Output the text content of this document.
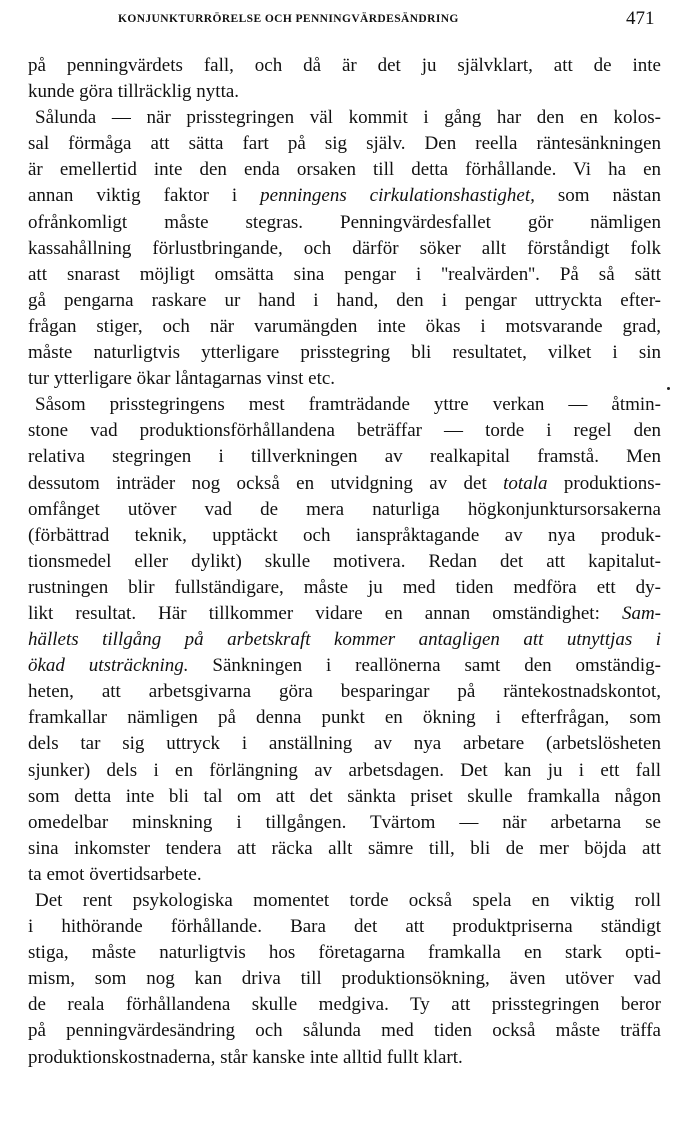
KONJUNKTURRÖRELSE OCH PENNINGVÄRDESÄNDRING	471
på penningvärdets fall, och då är det ju självklart, att de inte
kunde göra tillräcklig nytta.
Sålunda — när prisstegringen väl kommit i gång har den en kolos-
sal förmåga att sätta fart på sig själv. Den reella räntesänkningen
är emellertid inte den enda orsaken till detta förhållande. Vi ha en
annan viktig faktor i penningens cirkulationshastighet, som nästan
ofrånkomligt måste stegras. Penningvärdesfallet gör nämligen
kassahållning förlustbringande, och därför söker allt förståndigt folk
att snarast möjligt omsätta sina pengar i ''realvärden''. På så sätt
gå pengarna raskare ur hand i hand, den i pengar uttryckta efter-
frågan stiger, och när varumängden inte ökas i motsvarande grad,
måste naturligtvis ytterligare prisstegring bli resultatet, vilket i sin
tur ytterligare ökar låntagarnas vinst etc.
Såsom prisstegringens mest framträdande yttre verkan — åtmin-
stone vad produktionsförhållandena beträffar — torde i regel den
relativa stegringen i tillverkningen av realkapital framstå. Men
dessutom inträder nog också en utvidgning av det totala produktions-
omfånget utöver vad de mera naturliga högkonjunktursorsakerna
(förbättrad teknik, upptäckt och ianspråktagande av nya produk-
tionsmedel eller dylikt) skulle motivera. Redan det att kapitalut-
rustningen blir fullständigare, måste ju med tiden medföra ett dy-
likt resultat. Här tillkommer vidare en annan omständighet: Sam-
hällets tillgång på arbetskraft kommer antagligen att utnyttjas i
ökad utsträckning. Sänkningen i reallönerna samt den omständig-
heten, att arbetsgivarna göra besparingar på räntekostnadskontot,
framkallar nämligen på denna punkt en ökning i efterfrågan, som
dels tar sig uttryck i anställning av nya arbetare (arbetslösheten
sjunker) dels i en förlängning av arbetsdagen. Det kan ju i ett fall
som detta inte bli tal om att det sänkta priset skulle framkalla någon
omedelbar minskning i tillgången. Tvärtom — när arbetarna se
sina inkomster tendera att räcka allt sämre till, bli de mer böjda att
ta emot övertidsarbete.
Det rent psykologiska momentet torde också spela en viktig roll
i hithörande förhållande. Bara det att produktpriserna ständigt
stiga, måste naturligtvis hos företagarna framkalla en stark opti-
mism, som nog kan driva till produktionsökning, även utöver vad
de reala förhållandena skulle medgiva. Ty att prisstegringen beror
på penningvärdesändring och sålunda med tiden också måste träffa
produktionskostnaderna, står kanske inte alltid fullt klart.
